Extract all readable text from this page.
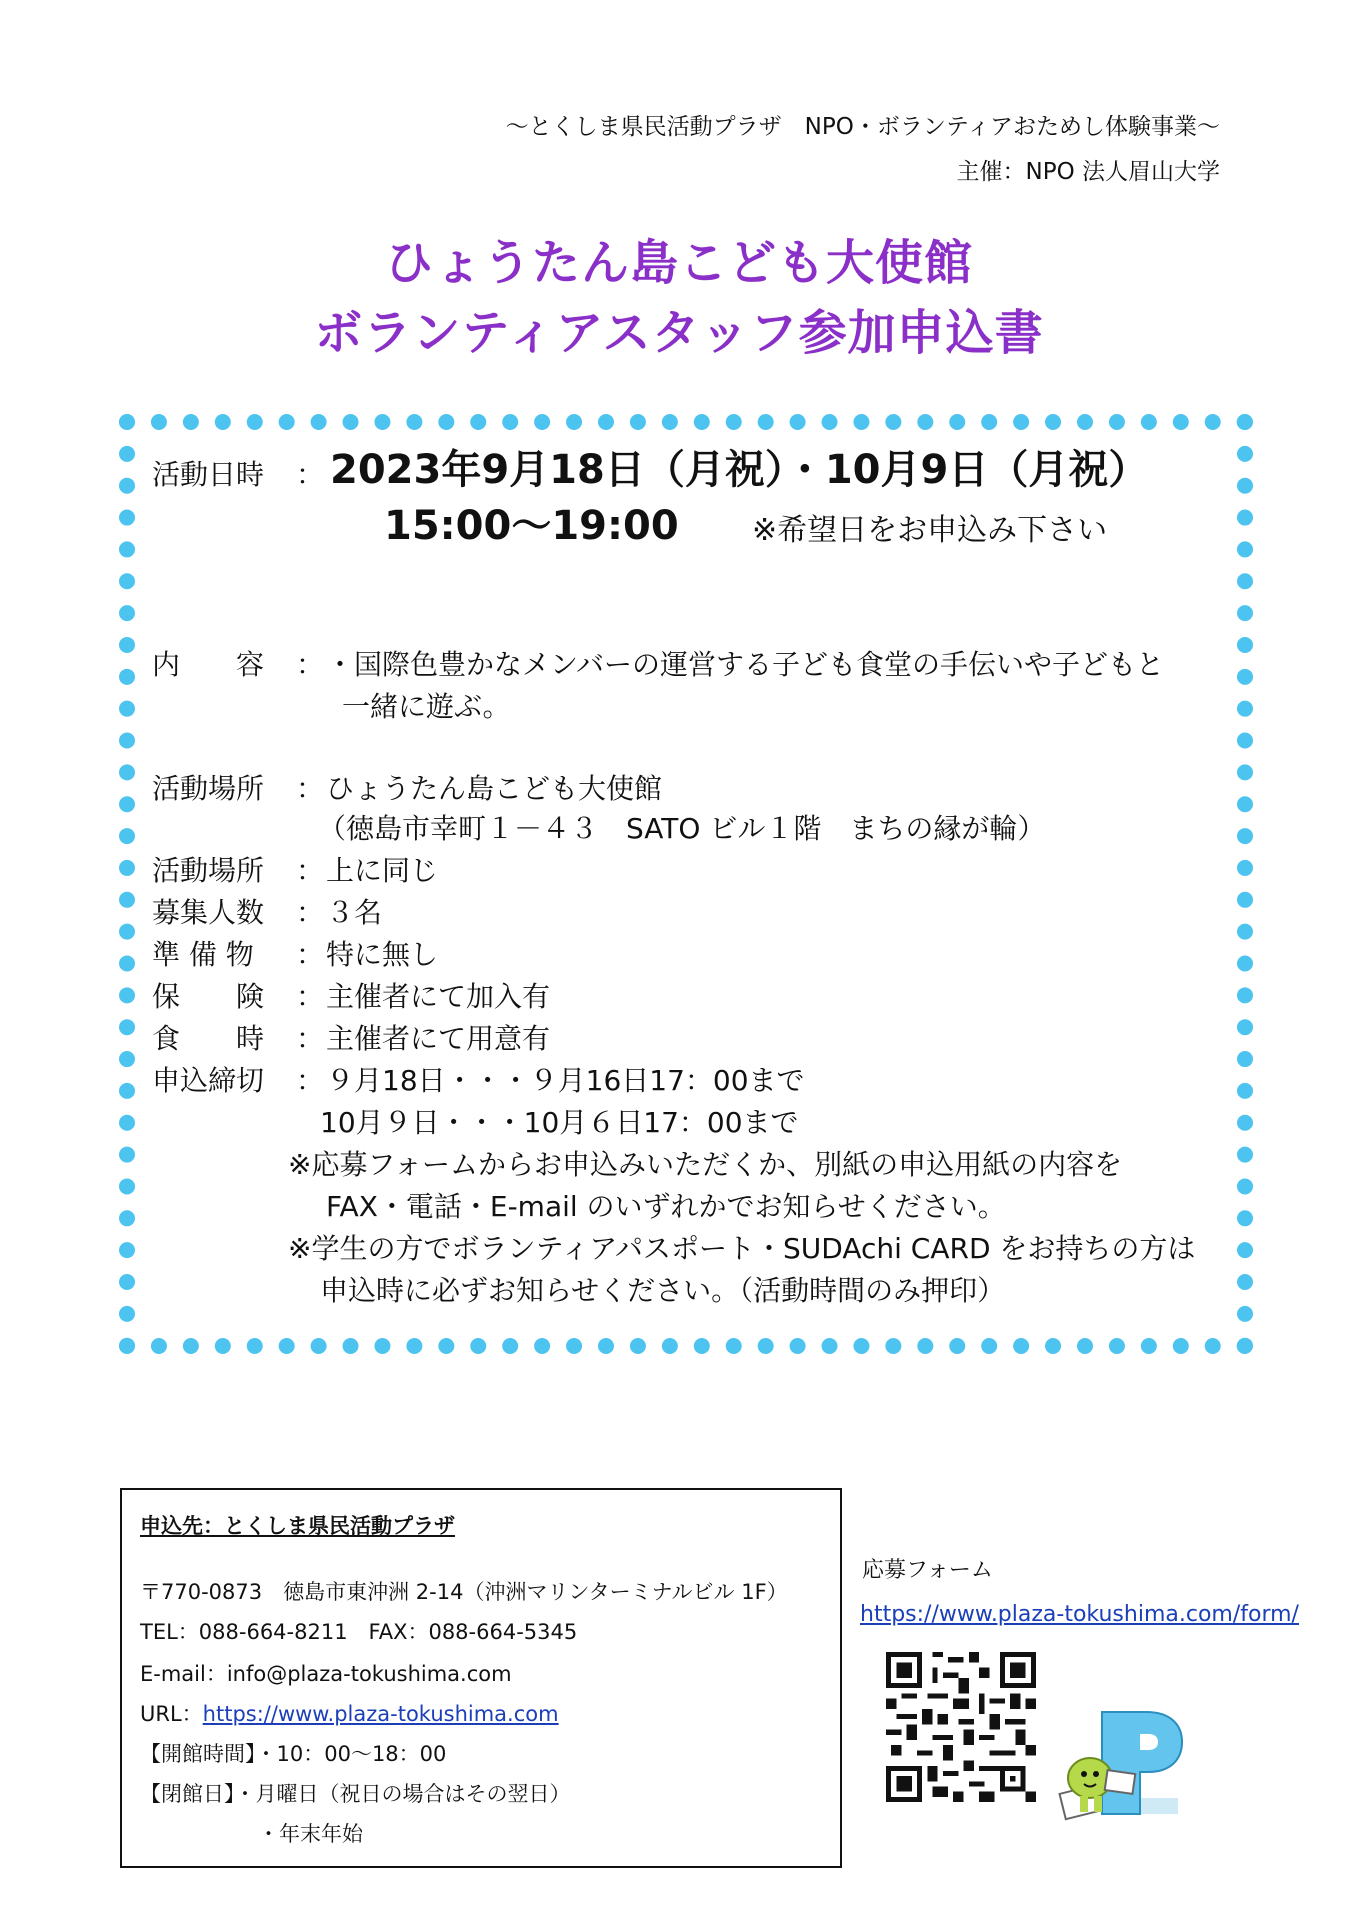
～とくしま県民活動プラザ　NPO・ボランティアおためし体験事業～
主催：NPO 法人眉山大学
ひょうたん島こども大使館
ボランティアスタッフ参加申込書
活動日時 ： 2023年9月18日（月祝）・10月9日（月祝）
15:00～19:00 ※希望日をお申込み下さい
内　　容 ： ・国際色豊かなメンバーの運営する子ども食堂の手伝いや子どもと
一緒に遊ぶ。
活動場所 ： ひょうたん島こども大使館
（徳島市幸町１－４３　SATO ビル１階　まちの縁が輪）
活動場所 ： 上に同じ
募集人数 ： ３名
準 備 物 ： 特に無し
保　　険 ： 主催者にて加入有
食　　時 ： 主催者にて用意有
申込締切 ： ９月18日・・・９月16日17：00まで
10月９日・・・10月６日17：00まで
※応募フォームからお申込みいただくか、別紙の申込用紙の内容を
FAX・電話・E-mail のいずれかでお知らせください。
※学生の方でボランティアパスポート・SUDAchi CARD をお持ちの方は
申込時に必ずお知らせください。（活動時間のみ押印）
申込先：とくしま県民活動プラザ
〒770-0873　徳島市東沖洲 2-14（沖洲マリンターミナルビル 1F）
TEL：088-664-8211　FAX：088-664-5345
E-mail：info@plaza-tokushima.com
URL：https://www.plaza-tokushima.com
【開館時間】・10：00～18：00
【閉館日】・月曜日（祝日の場合はその翌日）
・年末年始
応募フォーム
https://www.plaza-tokushima.com/form/
